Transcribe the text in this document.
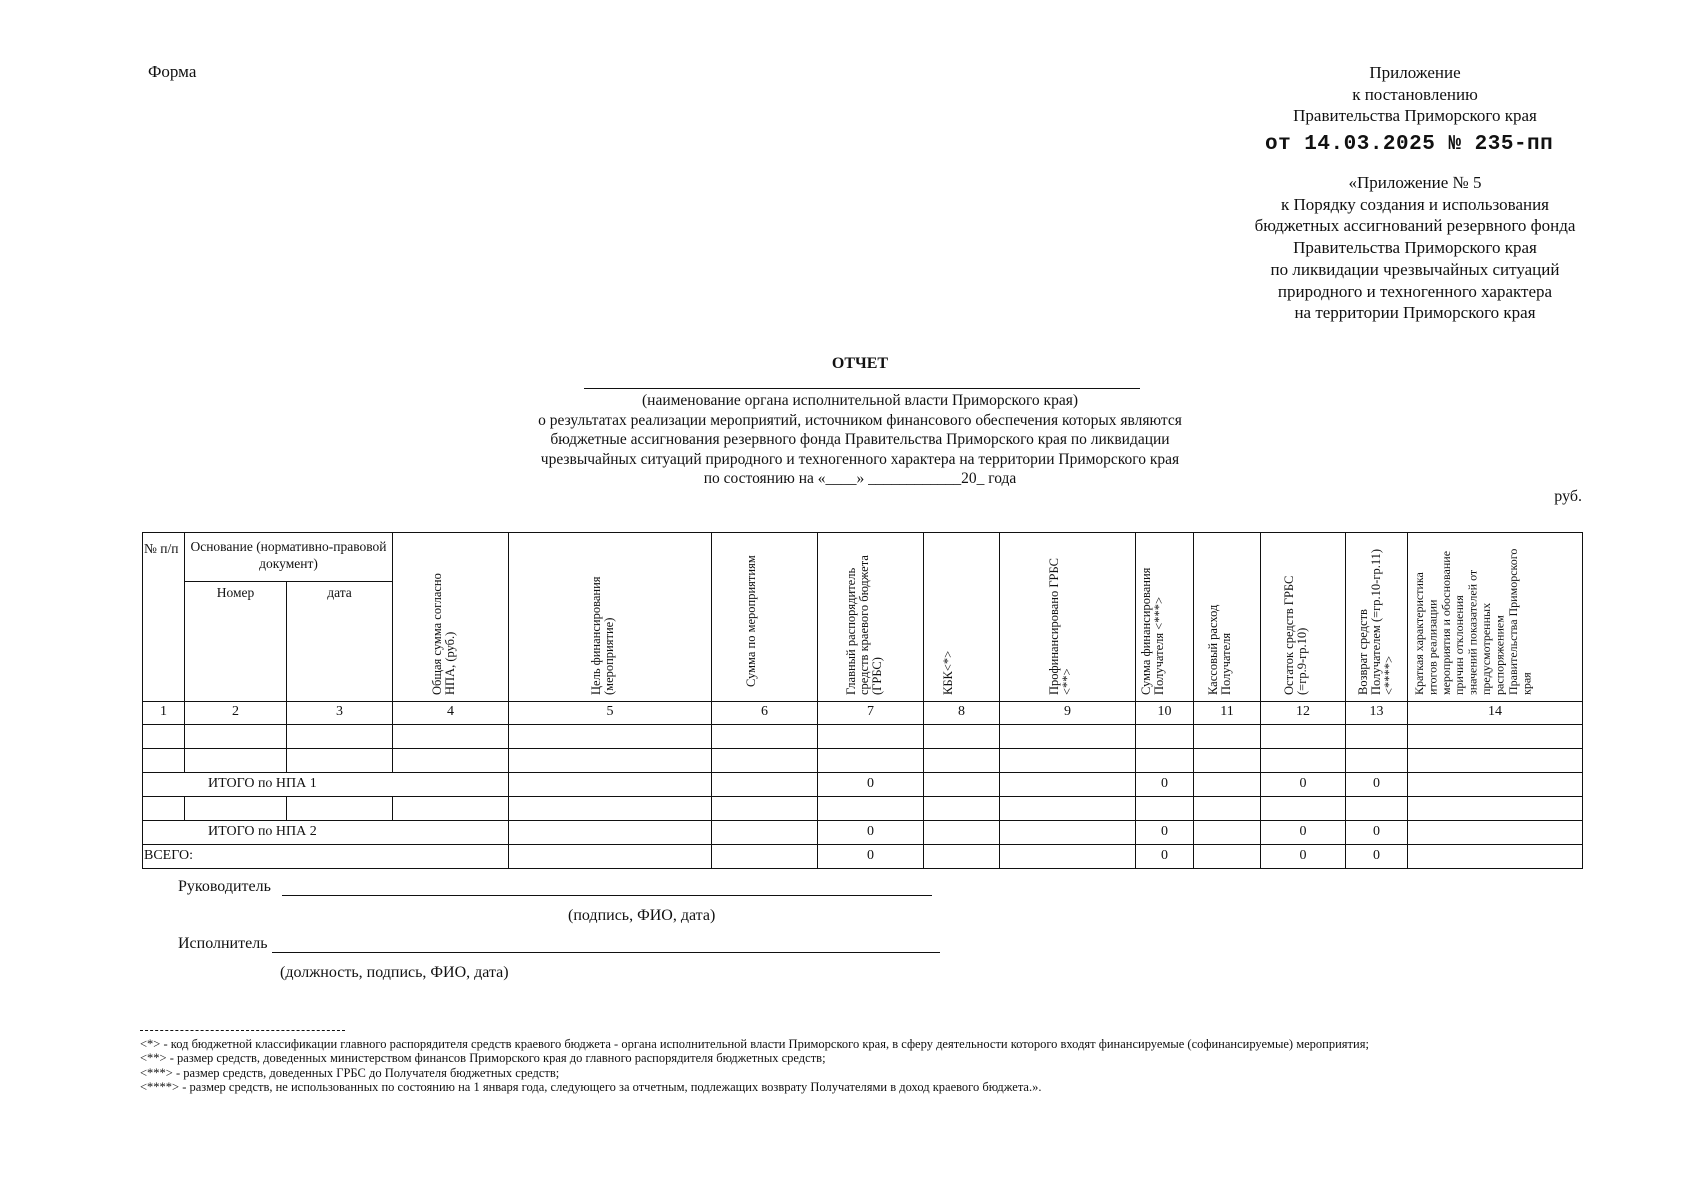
Форма	Приложение
к постановлению
Правительства Приморского края
от 14.03.2025 № 235-пп
«Приложение № 5
к Порядку создания и использования
бюджетных ассигнований резервного фонда
Правительства Приморского края
по ликвидации чрезвычайных ситуаций
природного и техногенного характера
на территории Приморского края
ОТЧЕТ
(наименование органа исполнительной власти Приморского края)
о результатах реализации мероприятий, источником финансового обеспечения которых являются
бюджетные ассигнования резервного фонда Правительства Приморского края по ликвидации
чрезвычайных ситуаций природного и техногенного характера на территории Приморского края
по состоянию на «____» ____________20_ года
руб.
№ п/п	Основание (нормативно-правовой документ)		Общая сумма согласно НПА, (руб.)	Цель финансирования (мероприятие)	Сумма по мероприятиям	Главный распорядитель средств краевого бюджета (ГРБС)	КБК<*>	Профинансировано ГРБС <**>	Сумма финансирования Получателя <***>	Кассовый расход Получателя	Остаток средств ГРБС (=гр.9-гр.10)	Возврат средств Получателем (=гр.10-гр.11) <****>	Краткая характеристика итогов реализации мероприятия и обоснование причин отклонения значений показателей от предусмотренных распоряжением Правительства Приморского края

	Номер	дата											
1	2	3	4	5	6	7	8	9	10	11	12	13	14

ИТОГО по НПА 1						0			0		0	0	

ИТОГО по НПА 2						0			0		0	0	
ВСЕГО:						0			0		0	0	
Руководитель
(подпись, ФИО, дата)
Исполнитель
(должность, подпись, ФИО, дата)
<*> - код бюджетной классификации главного распорядителя средств краевого бюджета - органа исполнительной власти Приморского края, в сферу деятельности которого входят финансируемые (софинансируемые) мероприятия;
<**> - размер средств, доведенных министерством финансов Приморского края до главного распорядителя бюджетных средств;
<***> - размер средств, доведенных ГРБС до Получателя бюджетных средств;
<****> - размер средств, не использованных по состоянию на 1 января года, следующего за отчетным, подлежащих возврату Получателями в доход краевого бюджета.».
